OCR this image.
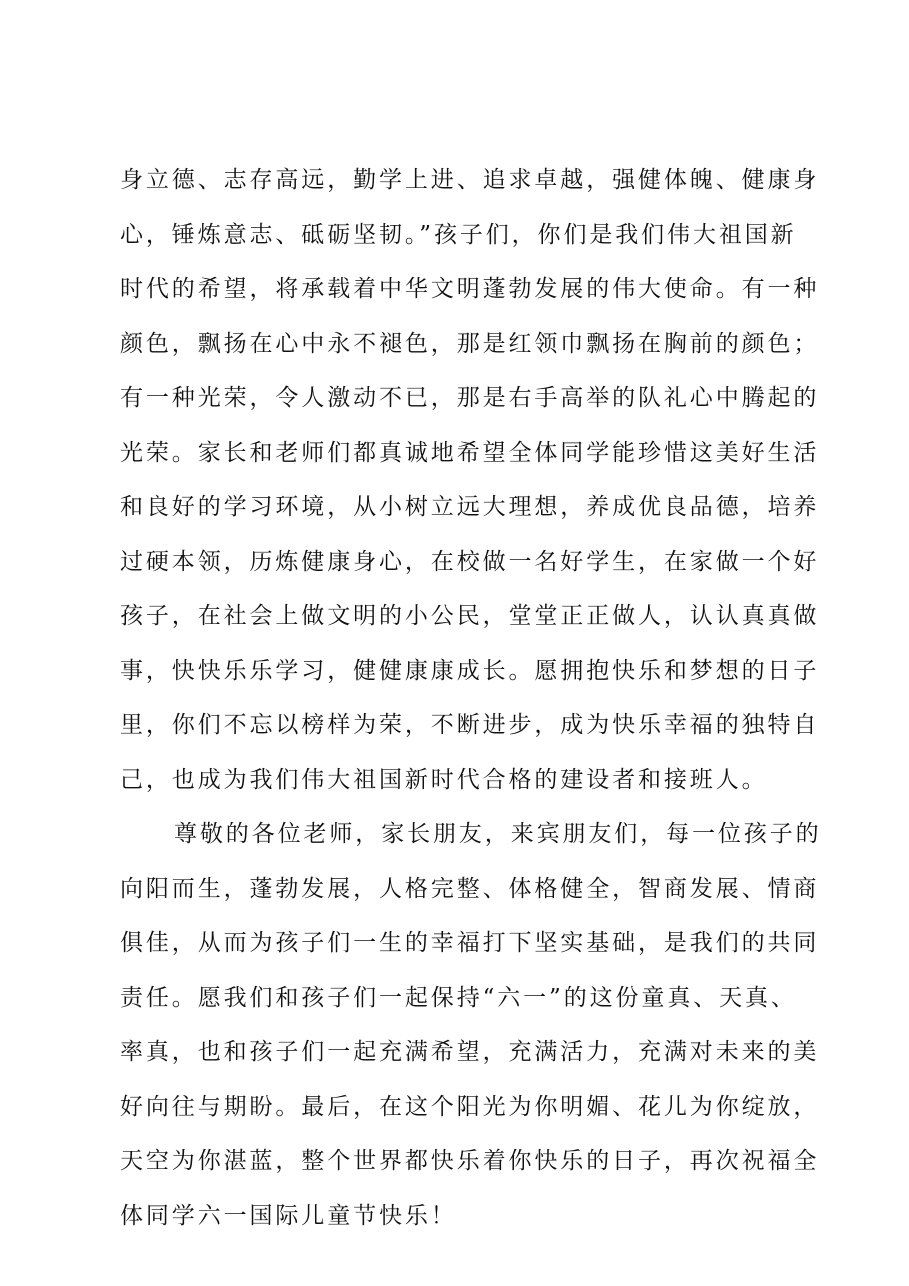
身立德、志存高远，勤学上进、追求卓越，强健体魄、健康身
心，锤炼意志、砥砺坚韧。”孩子们，你们是我们伟大祖国新
时代的希望，将承载着中华文明蓬勃发展的伟大使命。有一种
颜色，飘扬在心中永不褪色，那是红领巾飘扬在胸前的颜色；
有一种光荣，令人激动不已，那是右手高举的队礼心中腾起的
光荣。家长和老师们都真诚地希望全体同学能珍惜这美好生活
和良好的学习环境，从小树立远大理想，养成优良品德，培养
过硬本领，历炼健康身心，在校做一名好学生，在家做一个好
孩子，在社会上做文明的小公民，堂堂正正做人，认认真真做
事，快快乐乐学习，健健康康成长。愿拥抱快乐和梦想的日子
里，你们不忘以榜样为荣，不断进步，成为快乐幸福的独特自
己，也成为我们伟大祖国新时代合格的建设者和接班人。
尊敬的各位老师，家长朋友，来宾朋友们，每一位孩子的
向阳而生，蓬勃发展，人格完整、体格健全，智商发展、情商
俱佳，从而为孩子们一生的幸福打下坚实基础，是我们的共同
责任。愿我们和孩子们一起保持“六一”的这份童真、天真、
率真，也和孩子们一起充满希望，充满活力，充满对未来的美
好向往与期盼。最后，在这个阳光为你明媚、花儿为你绽放，
天空为你湛蓝，整个世界都快乐着你快乐的日子，再次祝福全
体同学六一国际儿童节快乐！
